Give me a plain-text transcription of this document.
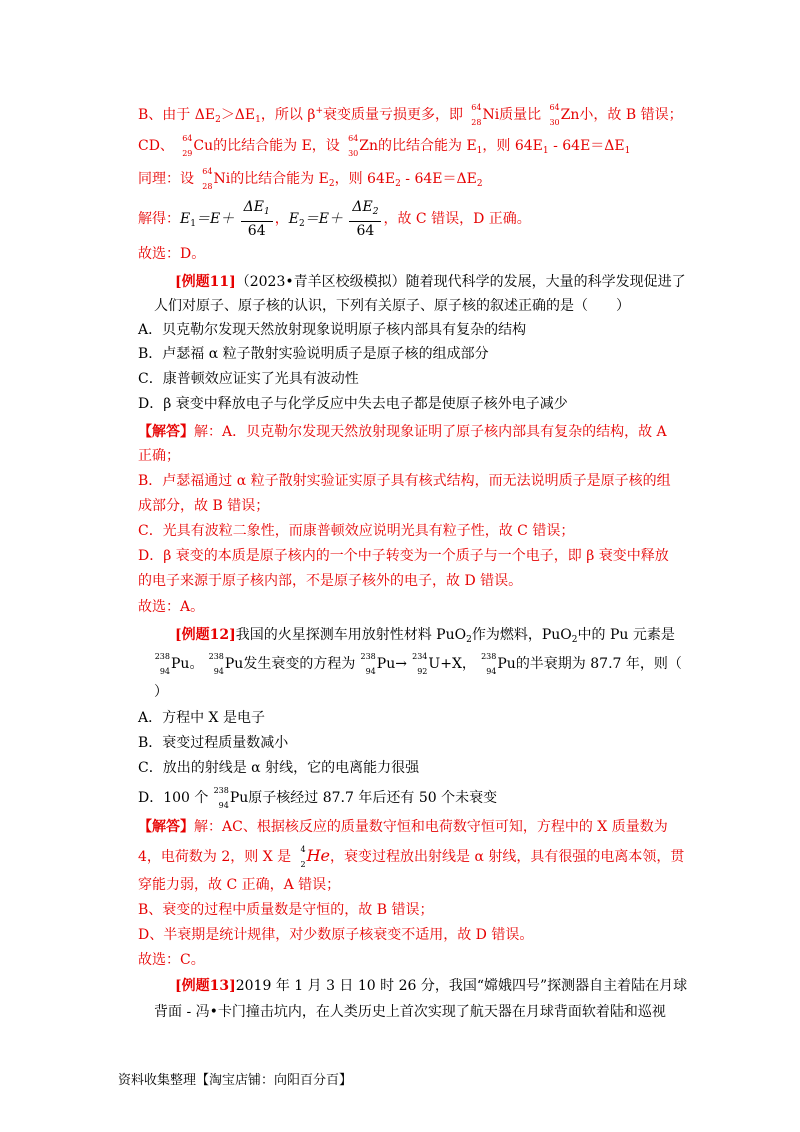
B、由于 $\Delta E_2>\Delta E_1$，所以 β+衰变质量亏损更多，即 64
28 Ni质量比 64
30 Zn小，故 B 错误；
CD、 64
29 Cu的比结合能为 E，设 64
30 Zn的比结合能为 $E_1$，则 $64E_1 - 64E=\Delta E_1$
同理：设 64
28 Ni的比结合能为 $E_2$，则 $64E_2 - 64E=\Delta E_2$
解得：$E_1=E+ \frac{\Delta E_1}{64}$ ，$E_2=E+ \frac{\Delta E_2}{64}$ ，故 C 错误，D 正确。
故选：D。
[例题11]（2023•青羊区校级模拟）随着现代科学的发展，大量的科学发现促进了
人们对原子、原子核的认识，下列有关原子、原子核的叙述正确的是（　　）
A．贝克勒尔发现天然放射现象说明原子核内部具有复杂的结构
B．卢瑟福 α 粒子散射实验说明质子是原子核的组成部分
C．康普顿效应证实了光具有波动性
D．β 衰变中释放电子与化学反应中失去电子都是使原子核外电子减少
【解答】解：A．贝克勒尔发现天然放射现象证明了原子核内部具有复杂的结构，故 A
正确；
B．卢瑟福通过 α 粒子散射实验证实原子具有核式结构，而无法说明质子是原子核的组
成部分，故 B 错误；
C．光具有波粒二象性，而康普顿效应说明光具有粒子性，故 C 错误；
D．β 衰变的本质是原子核内的一个中子转变为一个质子与一个电子，即 β 衰变中释放
的电子来源于原子核内部，不是原子核外的电子，故 D 错误。
故选：A。
[例题12]我国的火星探测车用放射性材料 PuO$_2$作为燃料，PuO$_2$中的 Pu 元素是
238
94 Pu。 238
94 Pu发生衰变的方程为 238
94 Pu→ 234
92 U+X， 238
94 Pu的半衰期为 87.7 年，则（
）
A．方程中 X 是电子
B．衰变过程质量数减小
C．放出的射线是 α 射线，它的电离能力很强
D．100 个 238
94 Pu原子核经过 87.7 年后还有 50 个未衰变
【解答】解：AC、根据核反应的质量数守恒和电荷数守恒可知，方程中的 X 质量数为
4，电荷数为 2，则 X 是 4
2 He，衰变过程放出射线是 α 射线，具有很强的电离本领，贯
穿能力弱，故 C 正确，A 错误；
B、衰变的过程中质量数是守恒的，故 B 错误；
D、半衰期是统计规律，对少数原子核衰变不适用，故 D 错误。
故选：C。
[例题13]2019 年 1 月 3 日 10 时 26 分，我国“嫦娥四号”探测器自主着陆在月球
背面 - 冯•卡门撞击坑内，在人类历史上首次实现了航天器在月球背面软着陆和巡视
资料收集整理【淘宝店铺：向阳百分百】
